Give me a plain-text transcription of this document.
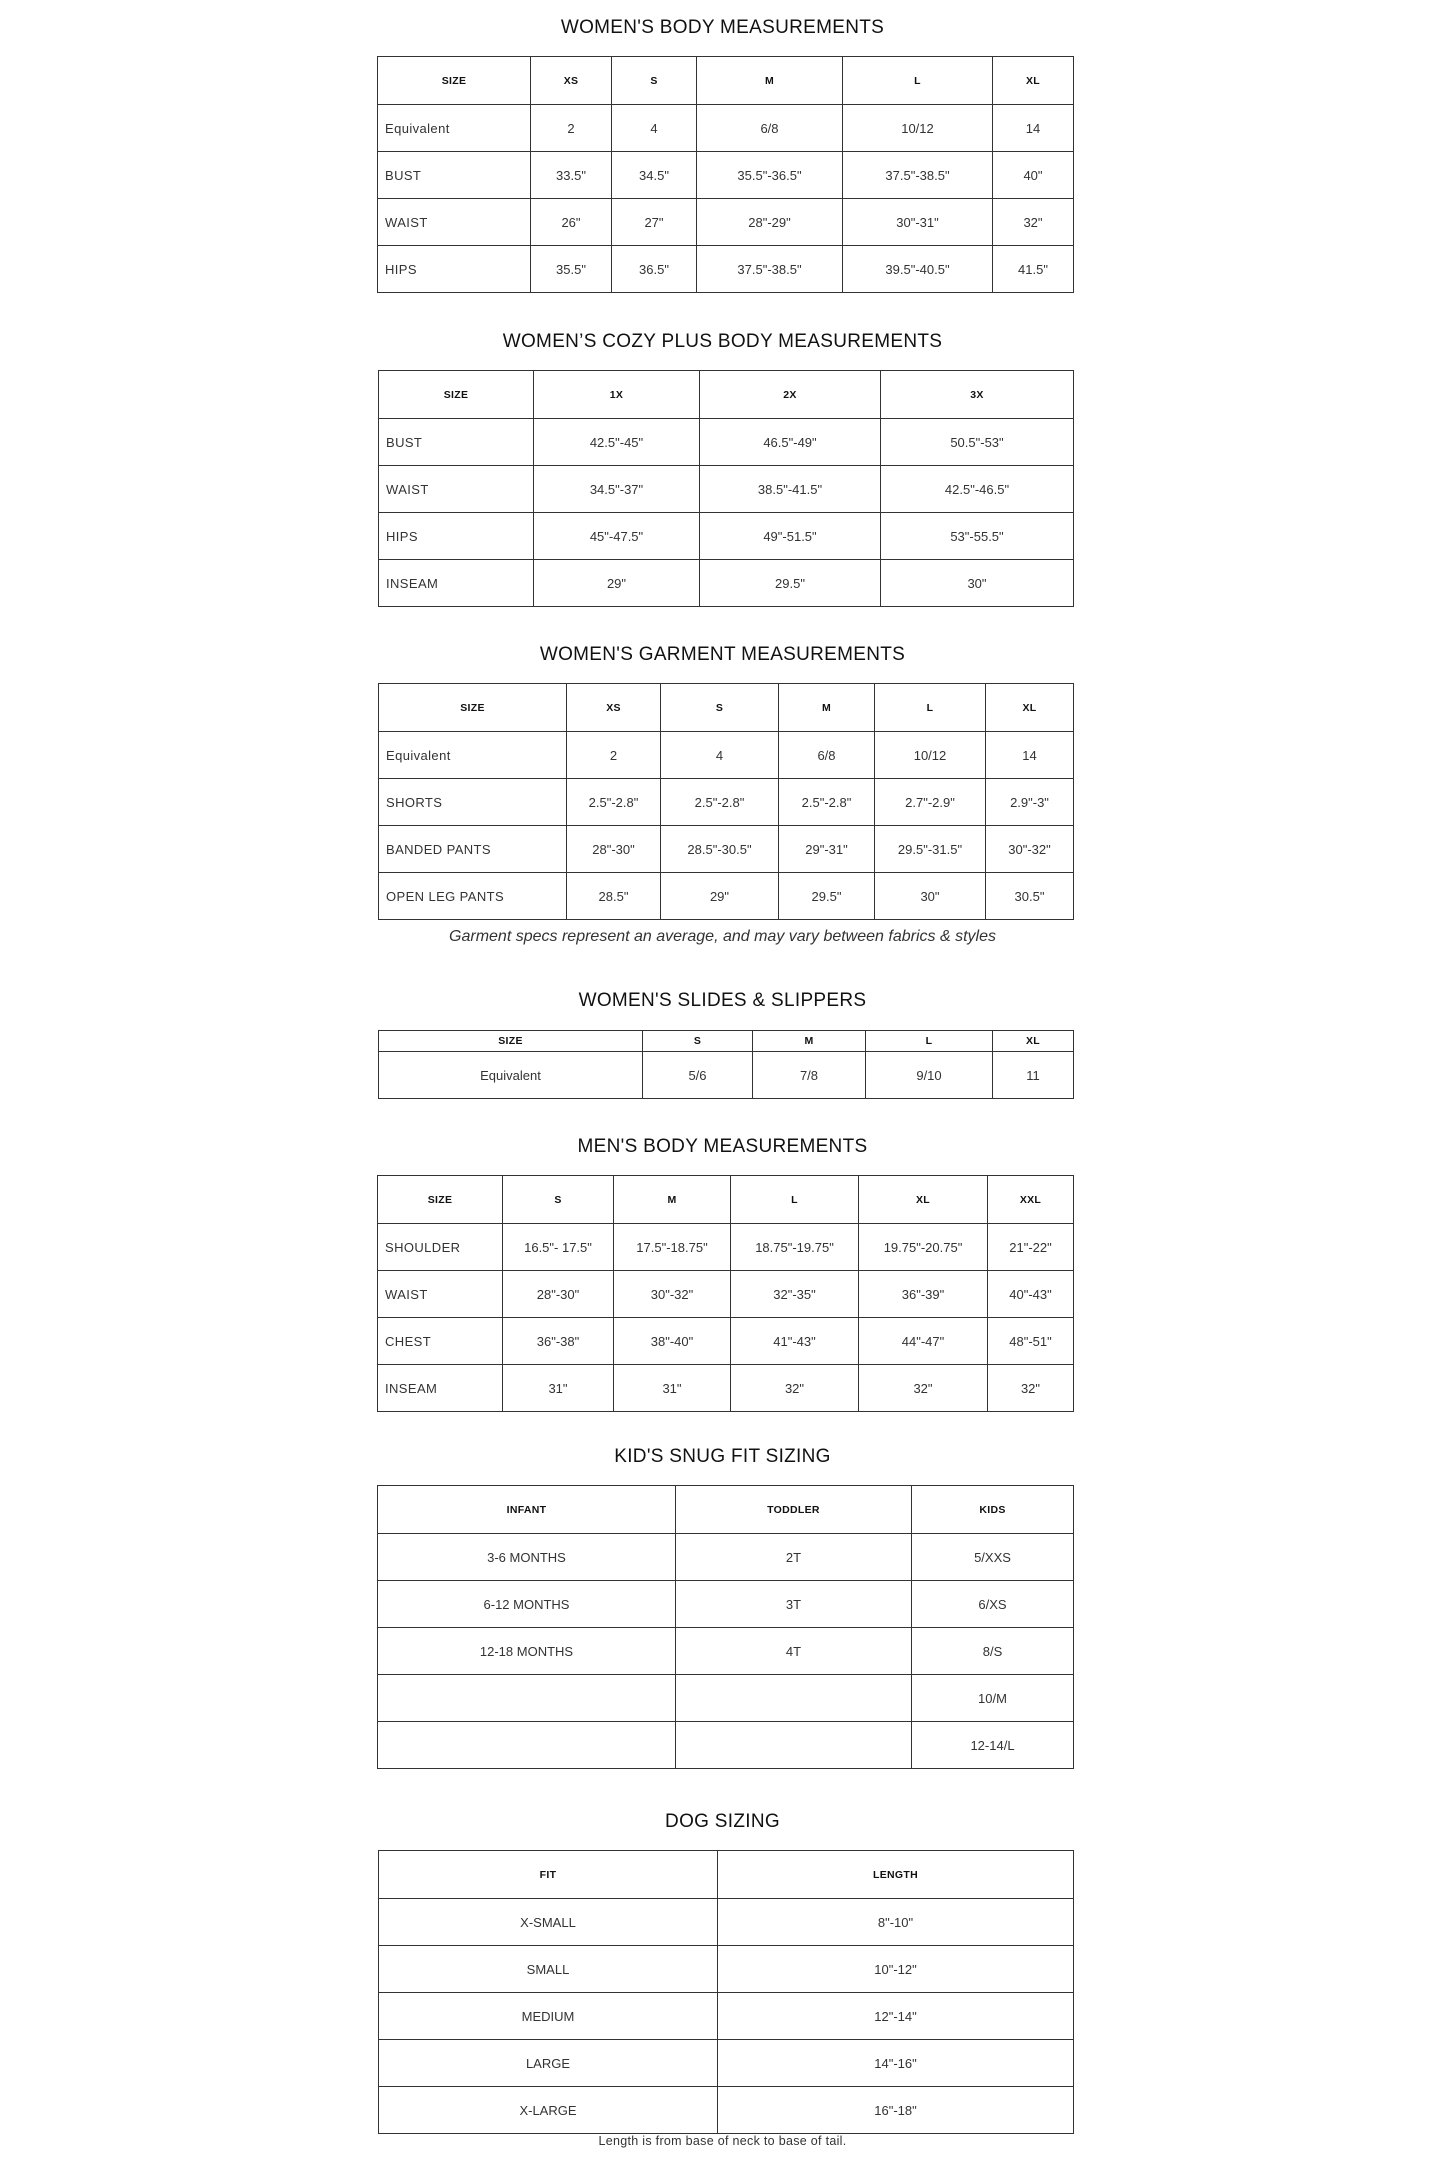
WOMEN'S BODY MEASUREMENTS
SIZE	XS	S	M	L	XL
Equivalent	2	4	6/8	10/12	14
BUST	33.5"	34.5"	35.5"-36.5"	37.5"-38.5"	40"
WAIST	26"	27"	28"-29"	30"-31"	32"
HIPS	35.5"	36.5"	37.5"-38.5"	39.5"-40.5"	41.5"
WOMEN’S COZY PLUS BODY MEASUREMENTS
SIZE	1X	2X	3X
BUST	42.5"-45"	46.5"-49"	50.5"-53"
WAIST	34.5"-37"	38.5"-41.5"	42.5"-46.5"
HIPS	45"-47.5"	49"-51.5"	53"-55.5"
INSEAM	29"	29.5"	30"
WOMEN'S GARMENT MEASUREMENTS
SIZE	XS	S	M	L	XL
Equivalent	2	4	6/8	10/12	14
SHORTS	2.5"-2.8"	2.5"-2.8"	2.5"-2.8"	2.7"-2.9"	2.9"-3"
BANDED PANTS	28"-30"	28.5"-30.5"	29"-31"	29.5"-31.5"	30"-32"
OPEN LEG PANTS	28.5"	29"	29.5"	30"	30.5"
Garment specs represent an average, and may vary between fabrics & styles
WOMEN'S SLIDES & SLIPPERS
SIZE	S	M	L	XL
Equivalent	5/6	7/8	9/10	11
MEN'S BODY MEASUREMENTS
SIZE	S	M	L	XL	XXL
SHOULDER	16.5"- 17.5"	17.5"-18.75"	18.75"-19.75"	19.75"-20.75"	21"-22"
WAIST	28"-30"	30"-32"	32"-35"	36"-39"	40"-43"
CHEST	36"-38"	38"-40"	41"-43"	44"-47"	48"-51"
INSEAM	31"	31"	32"	32"	32"
KID'S SNUG FIT SIZING
INFANT	TODDLER	KIDS
3-6 MONTHS	2T	5/XXS
6-12 MONTHS	3T	6/XS
12-18 MONTHS	4T	8/S
		10/M
		12-14/L
DOG SIZING
FIT	LENGTH
X-SMALL	8"-10"
SMALL	10"-12"
MEDIUM	12"-14"
LARGE	14"-16"
X-LARGE	16"-18"
Length is from base of neck to base of tail.
